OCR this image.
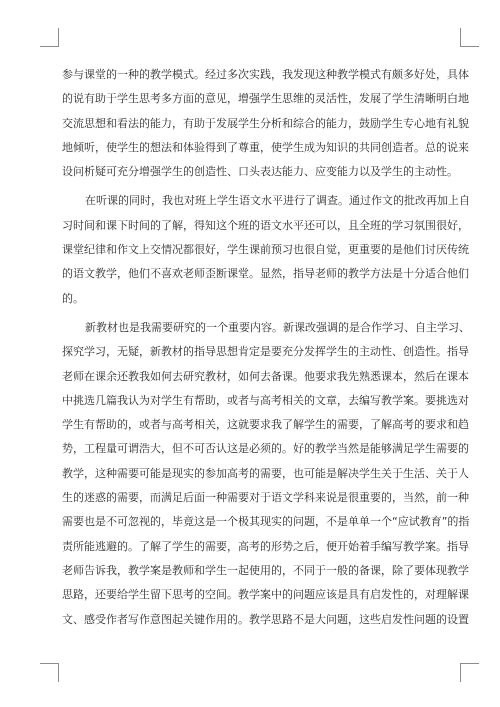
参与课堂的一种的教学模式。经过多次实践，我发现这种教学模式有颇多好处，具体
的说有助于学生思考多方面的意见，增强学生思维的灵活性，发展了学生清晰明白地
交流思想和看法的能力，有助于发展学生分析和综合的能力，鼓励学生专心地有礼貌
地倾听，使学生的想法和体验得到了尊重，使学生成为知识的共同创造者。总的说来
设问析疑可充分增强学生的创造性、口头表达能力、应变能力以及学生的主动性。
在听课的同时，我也对班上学生语文水平进行了调查。通过作文的批改再加上自
习时间和课下时间的了解，得知这个班的语文水平还可以，且全班的学习氛围很好，
课堂纪律和作文上交情况都很好，学生课前预习也很自觉，更重要的是他们讨厌传统
的语文教学，他们不喜欢老师歪断课堂。显然，指导老师的教学方法是十分适合他们
的。
新教材也是我需要研究的一个重要内容。新课改强调的是合作学习、自主学习、
探究学习，无疑，新教材的指导思想肯定是要充分发挥学生的主动性、创造性。指导
老师在课余还教我如何去研究教材，如何去备课。他要求我先熟悉课本，然后在课本
中挑选几篇我认为对学生有帮助，或者与高考相关的文章，去编写教学案。要挑选对
学生有帮助的，或者与高考相关，这就要求我了解学生的需要，了解高考的要求和趋
势，工程量可谓浩大，但不可否认这是必须的。好的教学当然是能够满足学生需要的
教学，这种需要可能是现实的参加高考的需要，也可能是解决学生关于生活、关于人
生的迷惑的需要，而满足后面一种需要对于语文学科来说是很重要的，当然，前一种
需要也是不可忽视的，毕竟这是一个极其现实的问题，不是单单一个“应试教育”的指
责所能逃避的。了解了学生的需要，高考的形势之后，便开始着手编写教学案。指导
老师告诉我，教学案是教师和学生一起使用的，不同于一般的备课，除了要体现教学
思路，还要给学生留下思考的空间。教学案中的问题应该是具有启发性的，对理解课
文、感受作者写作意图起关键作用的。教学思路不是大问题，这些启发性问题的设置
